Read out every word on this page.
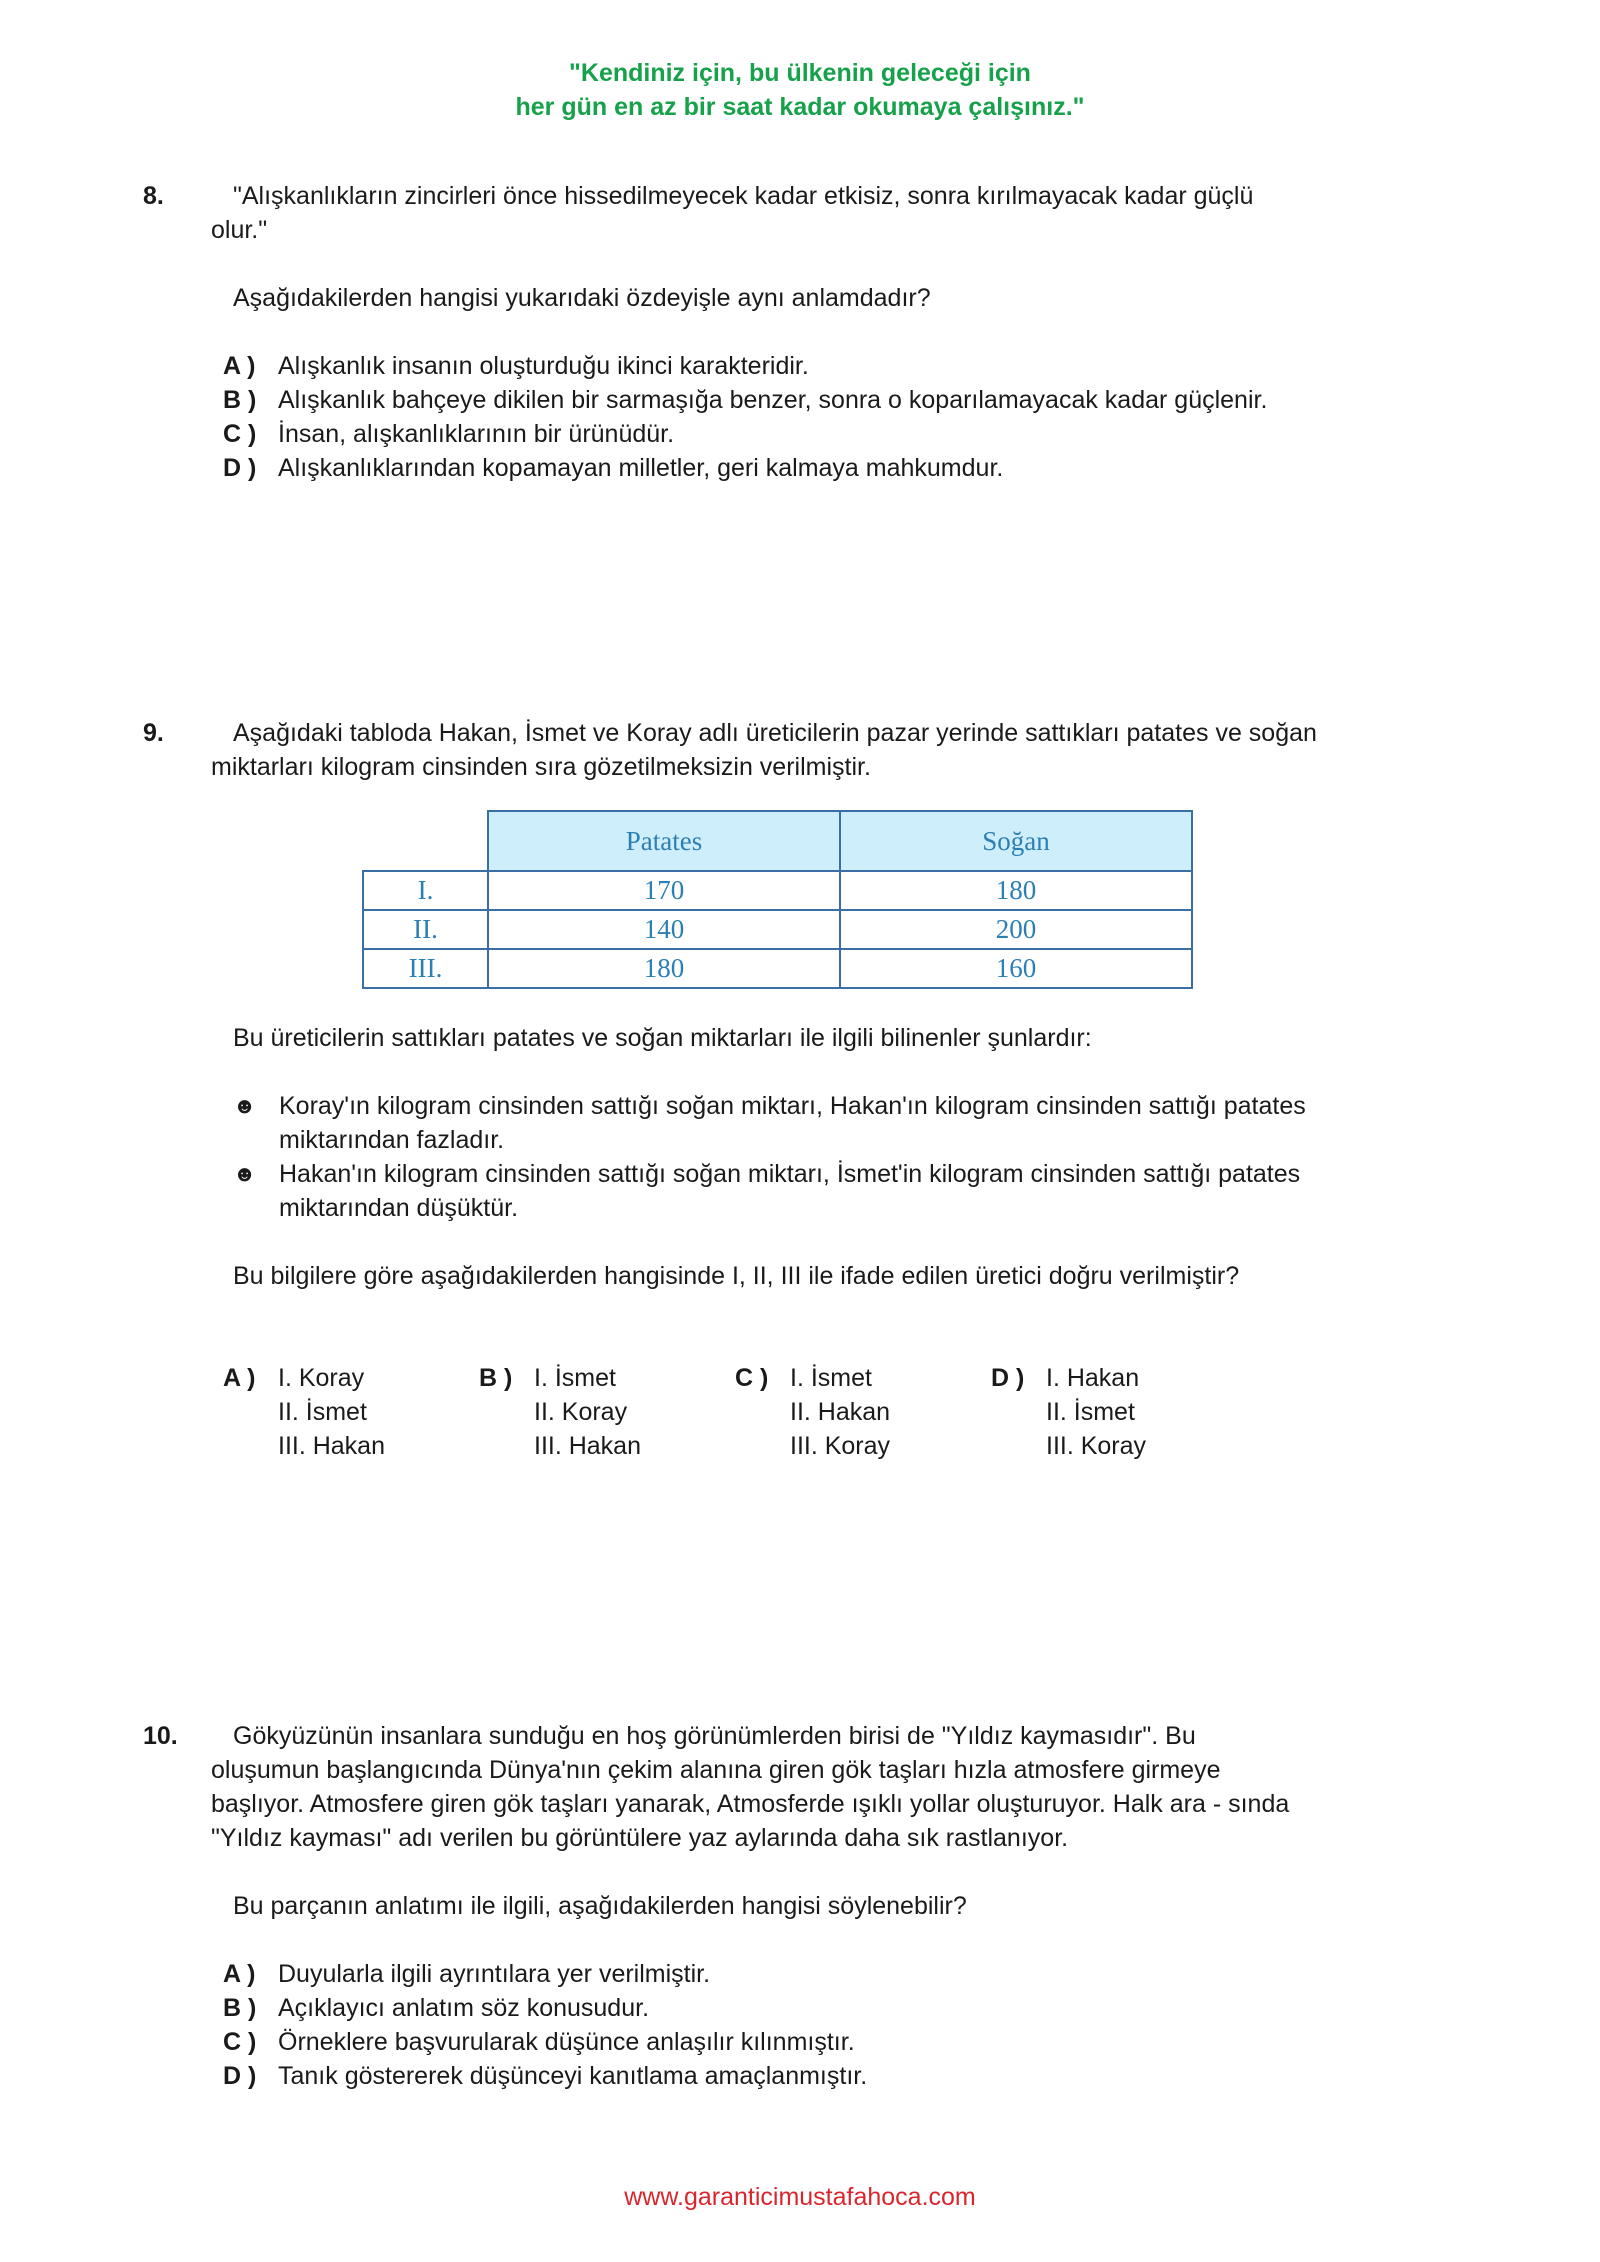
"Kendiniz için, bu ülkenin geleceği için
her gün en az bir saat kadar okumaya çalışınız."
8.	"Alışkanlıkların zincirleri önce hissedilmeyecek kadar etkisiz, sonra kırılmayacak kadar güçlü olur."
Aşağıdakilerden hangisi yukarıdaki özdeyişle aynı anlamdadır?
A ) Alışkanlık insanın oluşturduğu ikinci karakteridir.
B ) Alışkanlık bahçeye dikilen bir sarmaşığa benzer, sonra o koparılamayacak kadar güçlenir.
C ) İnsan, alışkanlıklarının bir ürünüdür.
D ) Alışkanlıklarından kopamayan milletler, geri kalmaya mahkumdur.
9.	Aşağıdaki tabloda Hakan, İsmet ve Koray adlı üreticilerin pazar yerinde sattıkları patates ve soğan miktarları kilogram cinsinden sıra gözetilmeksizin verilmiştir.
	Patates	Soğan
I.	170	180
II.	140	200
III.	180	160
Bu üreticilerin sattıkları patates ve soğan miktarları ile ilgili bilinenler şunlardır:
☻ Koray'ın kilogram cinsinden sattığı soğan miktarı, Hakan'ın kilogram cinsinden sattığı patates miktarından fazladır.
☻ Hakan'ın kilogram cinsinden sattığı soğan miktarı, İsmet'in kilogram cinsinden sattığı patates miktarından düşüktür.
Bu bilgilere göre aşağıdakilerden hangisinde I, II, III ile ifade edilen üretici doğru verilmiştir?
A ) I. Koray
II. İsmet
III. Hakan
B ) I. İsmet
II. Koray
III. Hakan
C ) I. İsmet
II. Hakan
III. Koray
D ) I. Hakan
II. İsmet
III. Koray
10.	Gökyüzünün insanlara sunduğu en hoş görünümlerden birisi de "Yıldız kaymasıdır". Bu oluşumun başlangıcında Dünya'nın çekim alanına giren gök taşları hızla atmosfere girmeye başlıyor. Atmosfere giren gök taşları yanarak, Atmosferde ışıklı yollar oluşturuyor. Halk ara - sında "Yıldız kayması" adı verilen bu görüntülere yaz aylarında daha sık rastlanıyor.
Bu parçanın anlatımı ile ilgili, aşağıdakilerden hangisi söylenebilir?
A ) Duyularla ilgili ayrıntılara yer verilmiştir.
B ) Açıklayıcı anlatım söz konusudur.
C ) Örneklere başvurularak düşünce anlaşılır kılınmıştır.
D ) Tanık göstererek düşünceyi kanıtlama amaçlanmıştır.
www.garanticimustafahoca.com
